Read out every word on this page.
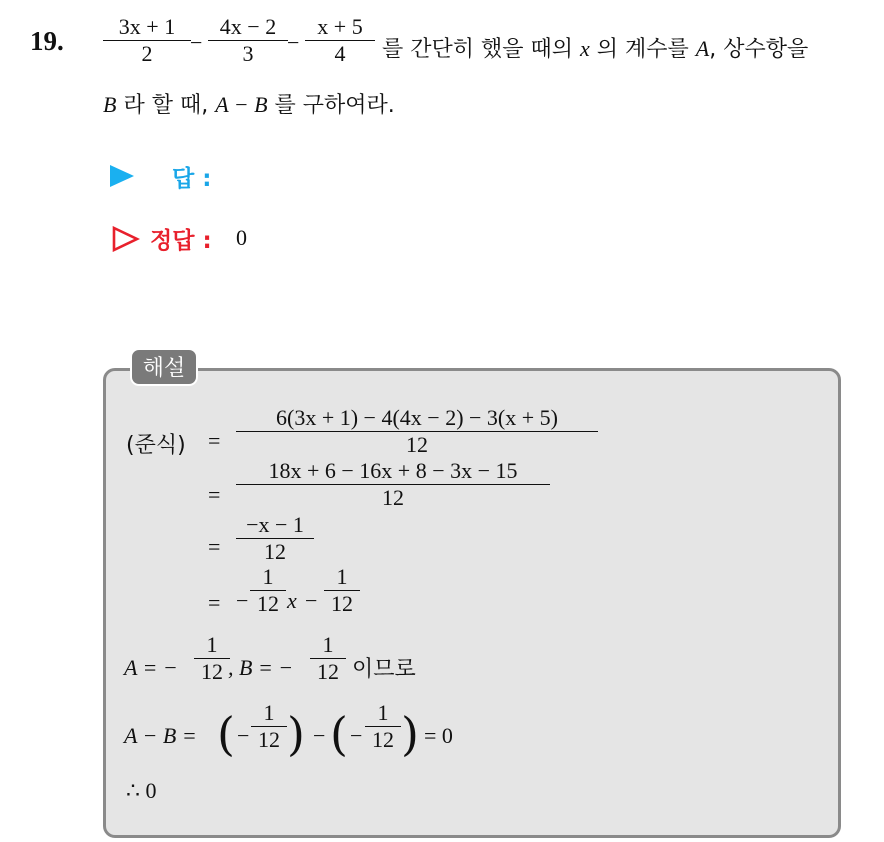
19. $\frac{3x + 1}{2} - \frac{4x - 2}{3} - \frac{x + 5}{4}$ 를 간단히 했을 때의 x 의 계수를 A, 상수항을
B 라 할 때, A − B 를 구하여라.
답 :
정답 : 0
해설
(준식) = $\frac{6(3x + 1) - 4(4x - 2) - 3(x + 5)}{12}$
= $\frac{18x + 6 - 16x + 8 - 3x - 15}{12}$
= $\frac{-x - 1}{12}$
= − $\frac{1}{12}$ $x - \frac{1}{12}$
A = − $\frac{1}{12}$
, B = − $\frac{1}{12}$ 이므로
A − B = ( − $\frac{1}{12}$ ) − ( − $\frac{1}{12}$ ) = 0
∴ 0
